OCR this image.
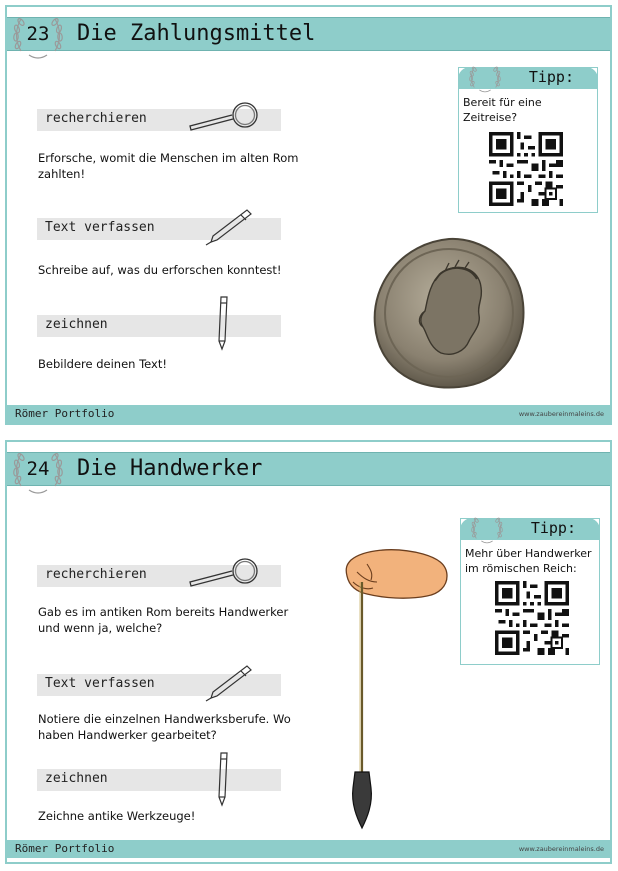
Die Zahlungsmittel
23
recherchieren
Erforsche, womit die Menschen im alten Rom zahlten!
Text verfassen
Schreibe auf, was du erforschen konntest!
zeichnen
Bebildere deinen Text!
Tipp:
Bereit für eine Zeitreise?
Römer Portfolio	www.zaubereinmaleins.de
Die Handwerker
24
recherchieren
Gab es im antiken Rom bereits Handwerker und wenn ja, welche?
Text verfassen
Notiere die einzelnen Handwerksberufe. Wo haben Handwerker gearbeitet?
zeichnen
Zeichne antike Werkzeuge!
Tipp:
Mehr über Handwerker im römischen Reich:
Römer Portfolio	www.zaubereinmaleins.de
